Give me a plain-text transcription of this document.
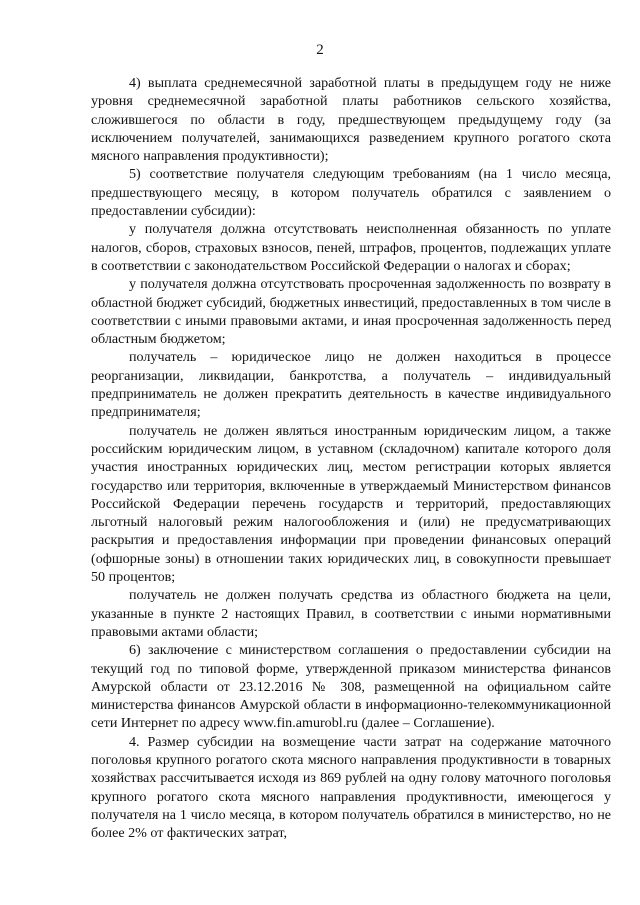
2

4) выплата среднемесячной заработной платы в предыдущем году не ниже уровня среднемесячной заработной платы работников сельского хозяйства, сложившегося по области в году, предшествующем предыдущему году (за исключением получателей, занимающихся разведением крупного рогатого скота мясного направления продуктивности);

5) соответствие получателя следующим требованиям (на 1 число месяца, предшествующего месяцу, в котором получатель обратился с заявлением о предоставлении субсидии):

у получателя должна отсутствовать неисполненная обязанность по уплате налогов, сборов, страховых взносов, пеней, штрафов, процентов, подлежащих уплате в соответствии с законодательством Российской Федерации о налогах и сборах;

у получателя должна отсутствовать просроченная задолженность по возврату в областной бюджет субсидий, бюджетных инвестиций, предоставленных в том числе в соответствии с иными правовыми актами, и иная просроченная задолженность перед областным бюджетом;

получатель – юридическое лицо не должен находиться в процессе реорганизации, ликвидации, банкротства, а получатель – индивидуальный предприниматель не должен прекратить деятельность в качестве индивидуального предпринимателя;

получатель не должен являться иностранным юридическим лицом, а также российским юридическим лицом, в уставном (складочном) капитале которого доля участия иностранных юридических лиц, местом регистрации которых является государство или территория, включенные в утверждаемый Министерством финансов Российской Федерации перечень государств и территорий, предоставляющих льготный налоговый режим налогообложения и (или) не предусматривающих раскрытия и предоставления информации при проведении финансовых операций (офшорные зоны) в отношении таких юридических лиц, в совокупности превышает 50 процентов;

получатель не должен получать средства из областного бюджета на цели, указанные в пункте 2 настоящих Правил, в соответствии с иными нормативными правовыми актами области;

6) заключение с министерством соглашения о предоставлении субсидии на текущий год по типовой форме, утвержденной приказом министерства финансов Амурской области от 23.12.2016 № 308, размещенной на официальном сайте министерства финансов Амурской области в информационно-телекоммуникационной сети Интернет по адресу www.fin.amurobl.ru (далее – Соглашение).

4. Размер субсидии на возмещение части затрат на содержание маточного поголовья крупного рогатого скота мясного направления продуктивности в товарных хозяйствах рассчитывается исходя из 869 рублей на одну голову маточного поголовья крупного рогатого скота мясного направления продуктивности, имеющегося у получателя на 1 число месяца, в котором получатель обратился в министерство, но не более 2% от фактических затрат,
